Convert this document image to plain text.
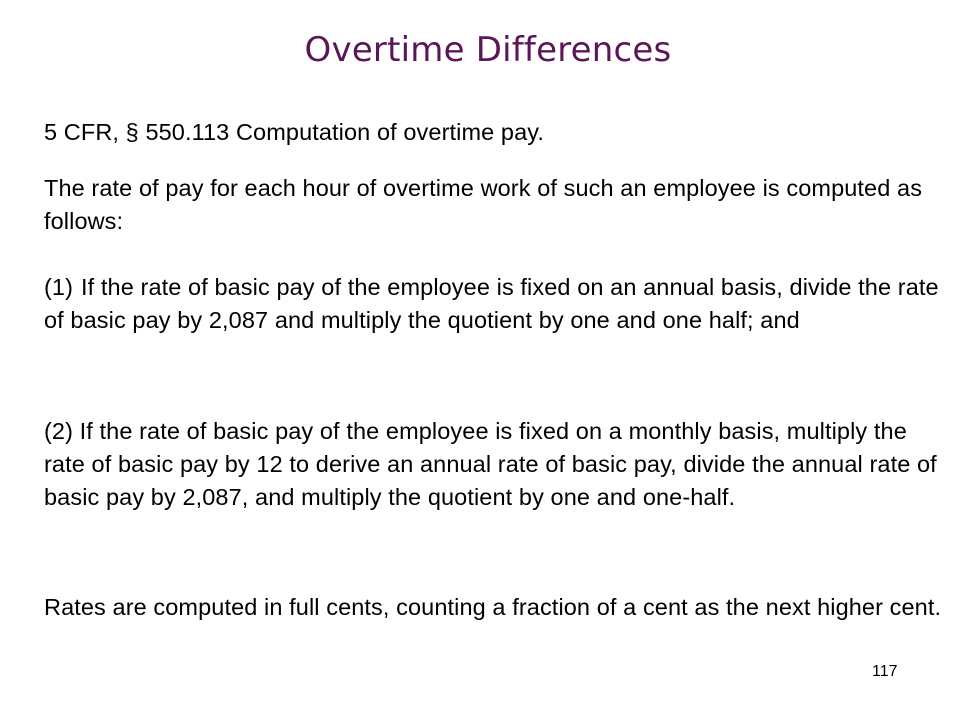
Overtime Differences
5 CFR, § 550.113 Computation of overtime pay.
The rate of pay for each hour of overtime work of such an employee is computed as follows:
(1) If the rate of basic pay of the employee is fixed on an annual basis, divide the rate of basic pay by 2,087 and multiply the quotient by one and one half; and
(2) If the rate of basic pay of the employee is fixed on a monthly basis, multiply the rate of basic pay by 12 to derive an annual rate of basic pay, divide the annual rate of basic pay by 2,087, and multiply the quotient by one and one-half.
Rates are computed in full cents, counting a fraction of a cent as the next higher cent.
117
